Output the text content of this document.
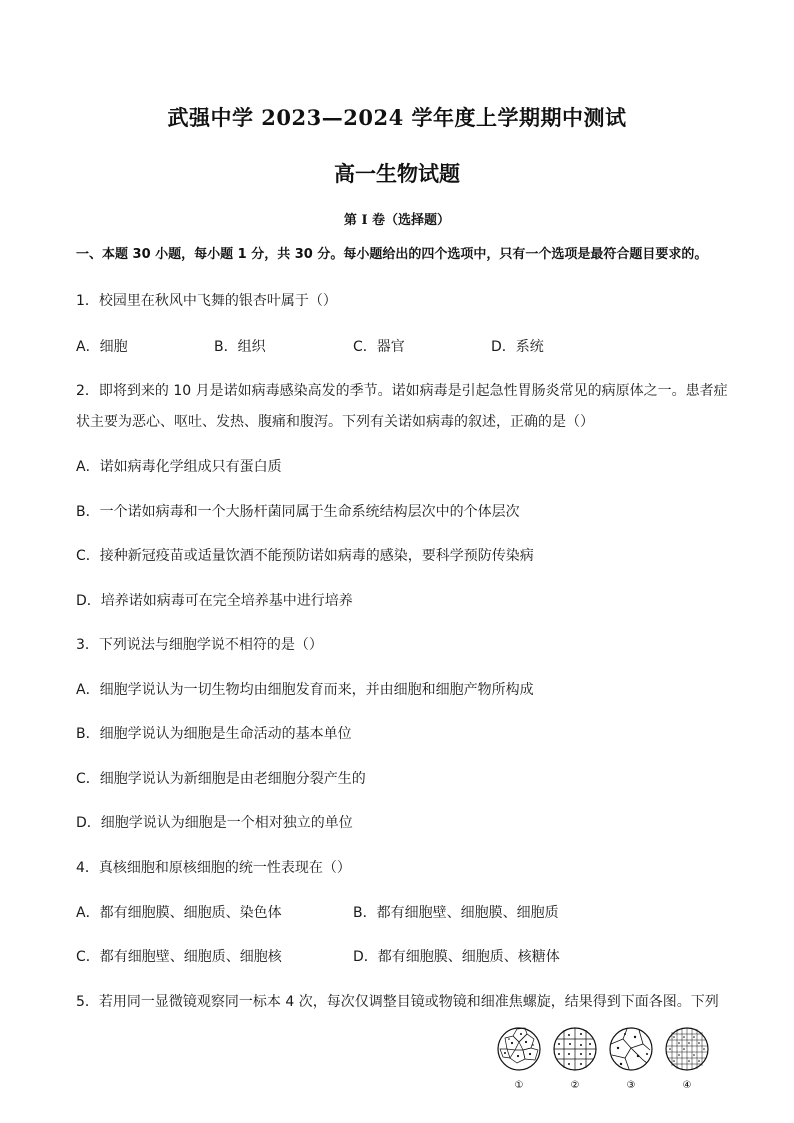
武强中学 2023—2024 学年度上学期期中测试
高一生物试题
第 I 卷（选择题）
一、本题 30 小题，每小题 1 分，共 30 分。每小题给出的四个选项中，只有一个选项是最符合题目要求的。
1．校园里在秋风中飞舞的银杏叶属于（）
A．细胞	B．组织	C．器官	D．系统
2．即将到来的 10 月是诺如病毒感染高发的季节。诺如病毒是引起急性胃肠炎常见的病原体之一。患者症
状主要为恶心、呕吐、发热、腹痛和腹泻。下列有关诺如病毒的叙述，正确的是（）
A．诺如病毒化学组成只有蛋白质
B．一个诺如病毒和一个大肠杆菌同属于生命系统结构层次中的个体层次
C．接种新冠疫苗或适量饮酒不能预防诺如病毒的感染，要科学预防传染病
D．培养诺如病毒可在完全培养基中进行培养
3．下列说法与细胞学说不相符的是（）
A．细胞学说认为一切生物均由细胞发育而来，并由细胞和细胞产物所构成
B．细胞学说认为细胞是生命活动的基本单位
C．细胞学说认为新细胞是由老细胞分裂产生的
D．细胞学说认为细胞是一个相对独立的单位
4．真核细胞和原核细胞的统一性表现在（）
A．都有细胞膜、细胞质、染色体	B．都有细胞壁、细胞膜、细胞质
C．都有细胞壁、细胞质、细胞核	D．都有细胞膜、细胞质、核糖体
5．若用同一显微镜观察同一标本 4 次，每次仅调整目镜或物镜和细准焦螺旋，结果得到下面各图。下列
①	②	③	④
